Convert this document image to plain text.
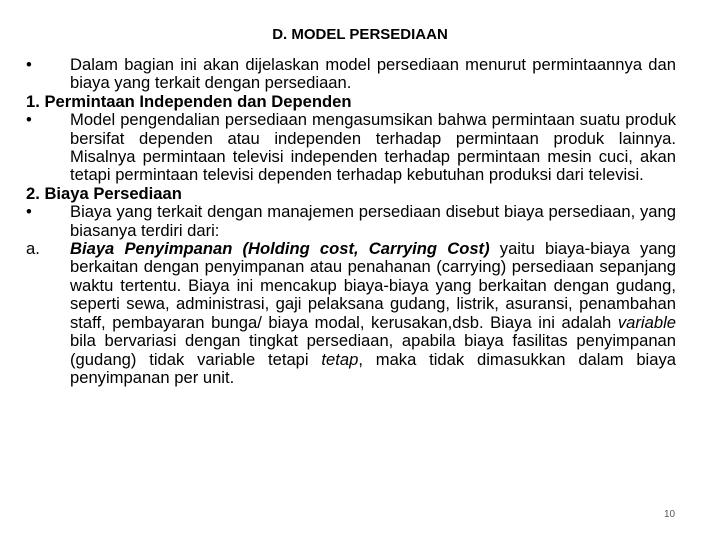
D. MODEL PERSEDIAAN
•	Dalam bagian ini akan dijelaskan model persediaan menurut permintaannya dan biaya yang terkait dengan persediaan.
1. Permintaan Independen dan Dependen
•	Model pengendalian persediaan mengasumsikan bahwa permintaan suatu produk bersifat dependen atau independen terhadap permintaan produk lainnya. Misalnya permintaan televisi independen terhadap permintaan mesin cuci, akan tetapi permintaan televisi dependen terhadap kebutuhan produksi dari televisi.
2. Biaya Persediaan
•	Biaya yang terkait dengan manajemen persediaan disebut biaya persediaan, yang biasanya terdiri dari:
a.	Biaya Penyimpanan (Holding cost, Carrying Cost) yaitu biaya-biaya yang berkaitan dengan penyimpanan atau penahanan (carrying) persediaan sepanjang waktu tertentu. Biaya ini mencakup biaya-biaya yang berkaitan dengan gudang, seperti sewa, administrasi, gaji pelaksana gudang, listrik, asuransi, penambahan staff, pembayaran bunga/ biaya modal, kerusakan,dsb. Biaya ini adalah variable bila bervariasi dengan tingkat persediaan, apabila biaya fasilitas penyimpanan (gudang) tidak variable tetapi tetap, maka tidak dimasukkan dalam biaya penyimpanan per unit.
10
